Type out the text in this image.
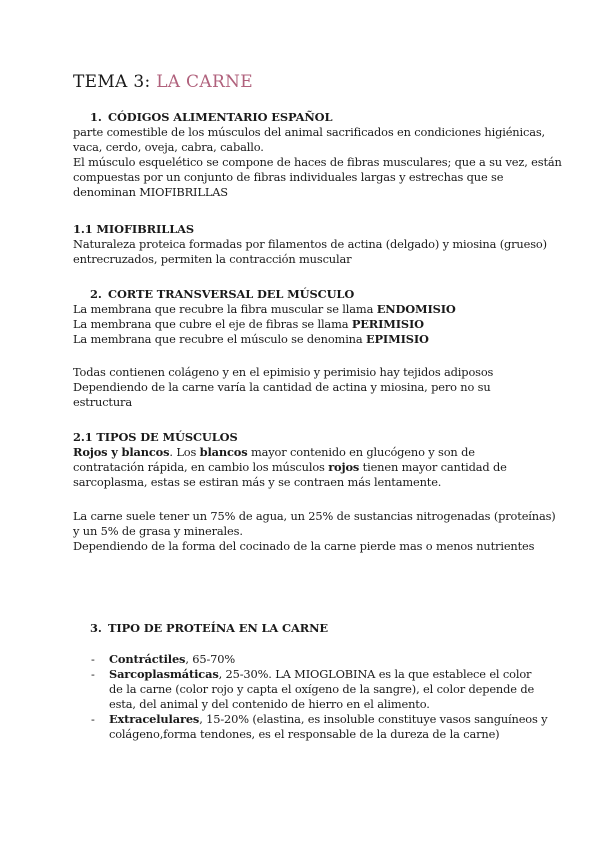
TEMA 3: LA CARNE
1. CÓDIGOS ALIMENTARIO ESPAÑOL
parte comestible de los músculos del animal sacrificados en condiciones higiénicas,
vaca, cerdo, oveja, cabra, caballo.
El músculo esquelético se compone de haces de fibras musculares; que a su vez, están
compuestas por un conjunto de fibras individuales largas y estrechas que se
denominan MIOFIBRILLAS
1.1 MIOFIBRILLAS
Naturaleza proteica formadas por filamentos de actina (delgado) y miosina (grueso)
entrecruzados, permiten la contracción muscular
2. CORTE TRANSVERSAL DEL MÚSCULO
La membrana que recubre la fibra muscular se llama ENDOMISIO
La membrana que cubre el eje de fibras se llama PERIMISIO
La membrana que recubre el músculo se denomina EPIMISIO
Todas contienen colágeno y en el epimisio y perimisio hay tejidos adiposos
Dependiendo de la carne varía la cantidad de actina y miosina, pero no su
estructura
2.1 TIPOS DE MÚSCULOS
Rojos y blancos. Los blancos mayor contenido en glucógeno y son de
contratación rápida, en cambio los músculos rojos tienen mayor cantidad de
sarcoplasma, estas se estiran más y se contraen más lentamente.
La carne suele tener un 75% de agua, un 25% de sustancias nitrogenadas (proteínas)
y un 5% de grasa y minerales.
Dependiendo de la forma del cocinado de la carne pierde mas o menos nutrientes
3. TIPO DE PROTEÍNA EN LA CARNE
- Contráctiles, 65-70%
- Sarcoplasmáticas, 25-30%. LA MIOGLOBINA es la que establece el color
de la carne (color rojo y capta el oxígeno de la sangre), el color depende de
esta, del animal y del contenido de hierro en el alimento.
- Extracelulares, 15-20% (elastina, es insoluble constituye vasos sanguíneos y
colágeno,forma tendones, es el responsable de la dureza de la carne)
